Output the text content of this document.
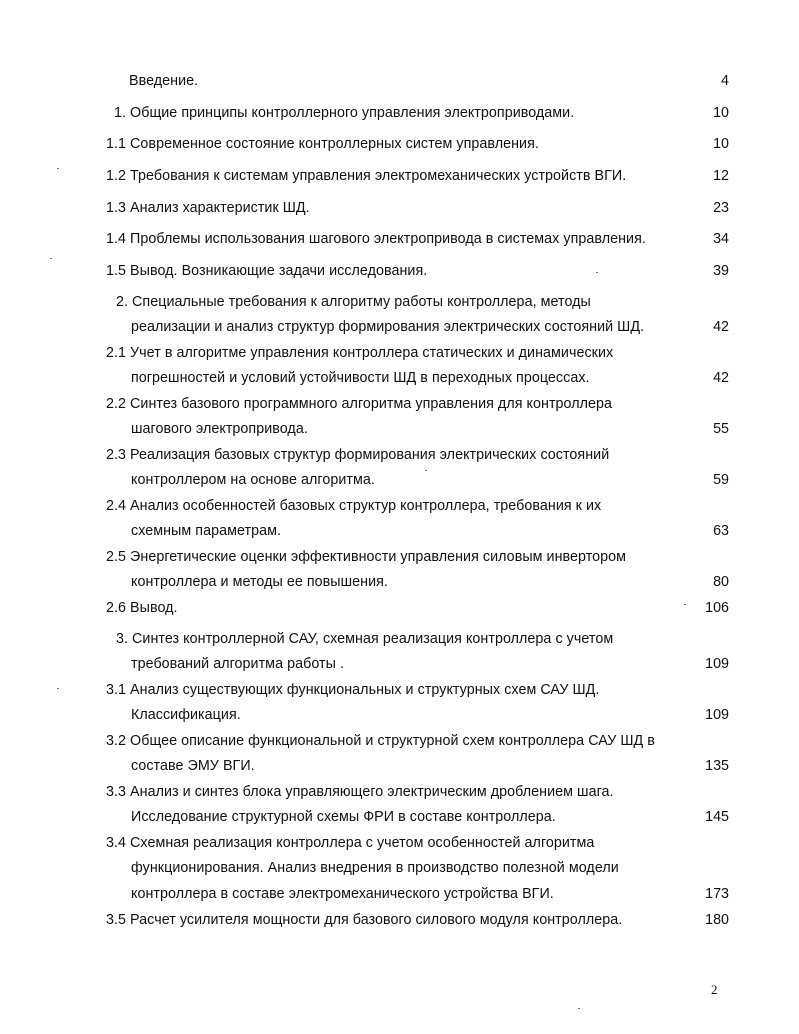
Введение.	4
1. Общие принципы контроллерного управления электроприводами.	10
1.1 Современное состояние контроллерных систем управления.	10
1.2 Требования к системам управления электромеханических устройств ВГИ.	12
1.3 Анализ характеристик ШД.	23
1.4 Проблемы использования шагового электропривода в системах управления.	34
1.5 Вывод. Возникающие задачи исследования.	39
2. Специальные требования к алгоритму работы контроллера, методы
реализации и анализ структур формирования электрических состояний ШД.	42
2.1 Учет в алгоритме управления контроллера статических и динамических
погрешностей и условий устойчивости ШД в переходных процессах.	42
2.2 Синтез базового программного алгоритма управления для контроллера
шагового электропривода.	55
2.3 Реализация базовых структур формирования электрических состояний
контроллером на основе алгоритма.	59
2.4 Анализ особенностей базовых структур контроллера, требования к их
схемным параметрам.	63
2.5 Энергетические оценки эффективности управления силовым инвертором
контроллера и методы ее повышения.	80
2.6 Вывод.	106
3. Синтез контроллерной САУ, схемная реализация контроллера с учетом
требований алгоритма работы .	109
3.1 Анализ существующих функциональных и структурных схем САУ ШД.
Классификация.	109
3.2 Общее описание функциональной и структурной схем контроллера САУ ШД в
составе ЭМУ ВГИ.	135
3.3 Анализ и синтез блока управляющего электрическим дроблением шага.
Исследование структурной схемы ФРИ в составе контроллера.	145
3.4 Схемная реализация контроллера с учетом особенностей алгоритма
функционирования. Анализ внедрения в производство полезной модели
контроллера в составе электромеханического устройства ВГИ.	173
3.5 Расчет усилителя мощности для базового силового модуля контроллера.	180
2
